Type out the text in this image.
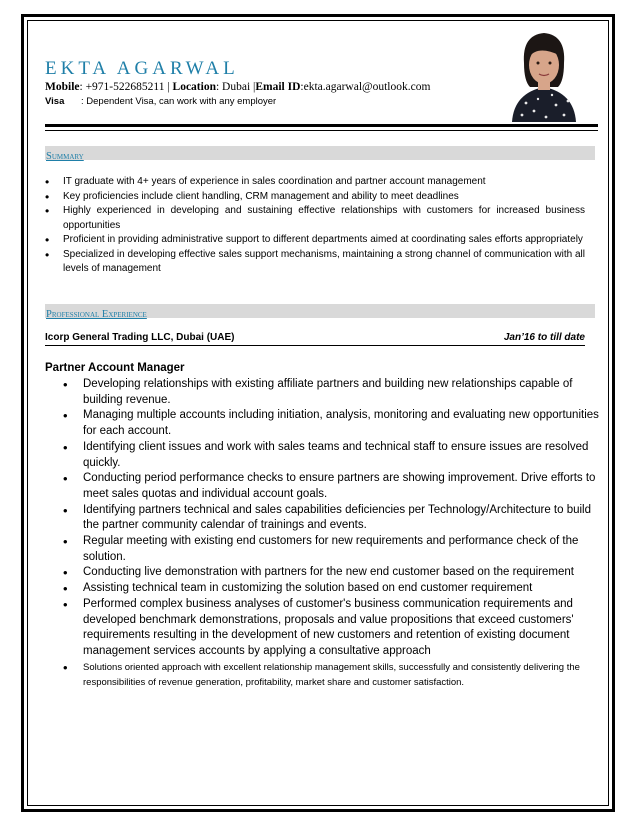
EKTA AGARWAL
Mobile: +971-522685211 | Location: Dubai |Email ID:ekta.agarwal@outlook.com
Visa : Dependent Visa, can work with any employer
Summary
• IT graduate with 4+ years of experience in sales coordination and partner account management
• Key proficiencies include client handling, CRM management and ability to meet deadlines
• Highly experienced in developing and sustaining effective relationships with customers for increased business opportunities
• Proficient in providing administrative support to different departments aimed at coordinating sales efforts appropriately
• Specialized in developing effective sales support mechanisms, maintaining a strong channel of communication with all levels of management
Professional Experience
Icorp General Trading LLC, Dubai (UAE)	Jan’16 to till date
Partner Account Manager
• Developing relationships with existing affiliate partners and building new relationships capable of building revenue.
• Managing multiple accounts including initiation, analysis, monitoring and evaluating new opportunities for each account.
• Identifying client issues and work with sales teams and technical staff to ensure issues are resolved quickly.
• Conducting period performance checks to ensure partners are showing improvement. Drive efforts to meet sales quotas and individual account goals.
• Identifying partners technical and sales capabilities deficiencies per Technology/Architecture to build the partner community calendar of trainings and events.
• Regular meeting with existing end customers for new requirements and performance check of the solution.
• Conducting live demonstration with partners for the new end customer based on the requirement
• Assisting technical team in customizing the solution based on end customer requirement
• Performed complex business analyses of customer's business communication requirements and developed benchmark demonstrations, proposals and value propositions that exceed customers' requirements resulting in the development of new customers and retention of existing document management services accounts by applying a consultative approach
• Solutions oriented approach with excellent relationship management skills, successfully and consistently delivering the responsibilities of revenue generation, profitability, market share and customer satisfaction.
